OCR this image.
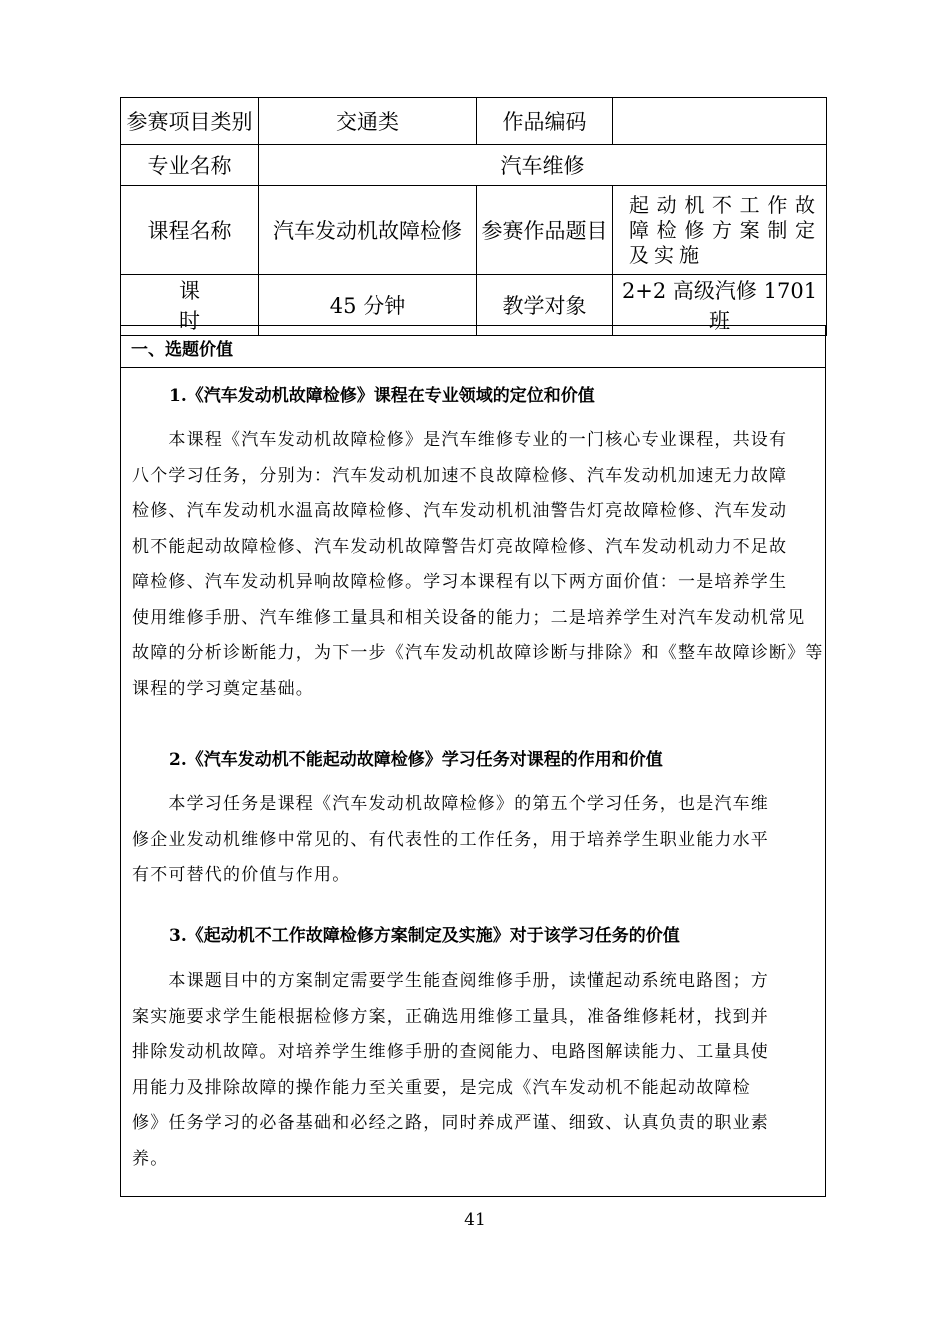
参赛项目类别	交通类	作品编码	
专业名称	汽车维修		
课程名称	汽车发动机故障检修	参赛作品题目	起动机不工作故障检修方案制定及实施
课时	45 分钟	教学对象	2+2 高级汽修 1701 班
一、选题价值
1.《汽车发动机故障检修》课程在专业领域的定位和价值
　　本课程《汽车发动机故障检修》是汽车维修专业的一门核心专业课程，共设有
八个学习任务，分别为：汽车发动机加速不良故障检修、汽车发动机加速无力故障
检修、汽车发动机水温高故障检修、汽车发动机机油警告灯亮故障检修、汽车发动
机不能起动故障检修、汽车发动机故障警告灯亮故障检修、汽车发动机动力不足故
障检修、汽车发动机异响故障检修。学习本课程有以下两方面价值：一是培养学生
使用维修手册、汽车维修工量具和相关设备的能力；二是培养学生对汽车发动机常见
故障的分析诊断能力，为下一步《汽车发动机故障诊断与排除》和《整车故障诊断》等
课程的学习奠定基础。
2.《汽车发动机不能起动故障检修》学习任务对课程的作用和价值
　　本学习任务是课程《汽车发动机故障检修》的第五个学习任务，也是汽车维
修企业发动机维修中常见的、有代表性的工作任务，用于培养学生职业能力水平
有不可替代的价值与作用。
3.《起动机不工作故障检修方案制定及实施》对于该学习任务的价值
　　本课题目中的方案制定需要学生能查阅维修手册，读懂起动系统电路图；方
案实施要求学生能根据检修方案，正确选用维修工量具，准备维修耗材，找到并
排除发动机故障。对培养学生维修手册的查阅能力、电路图解读能力、工量具使
用能力及排除故障的操作能力至关重要，是完成《汽车发动机不能起动故障检
修》任务学习的必备基础和必经之路，同时养成严谨、细致、认真负责的职业素
养。
41
